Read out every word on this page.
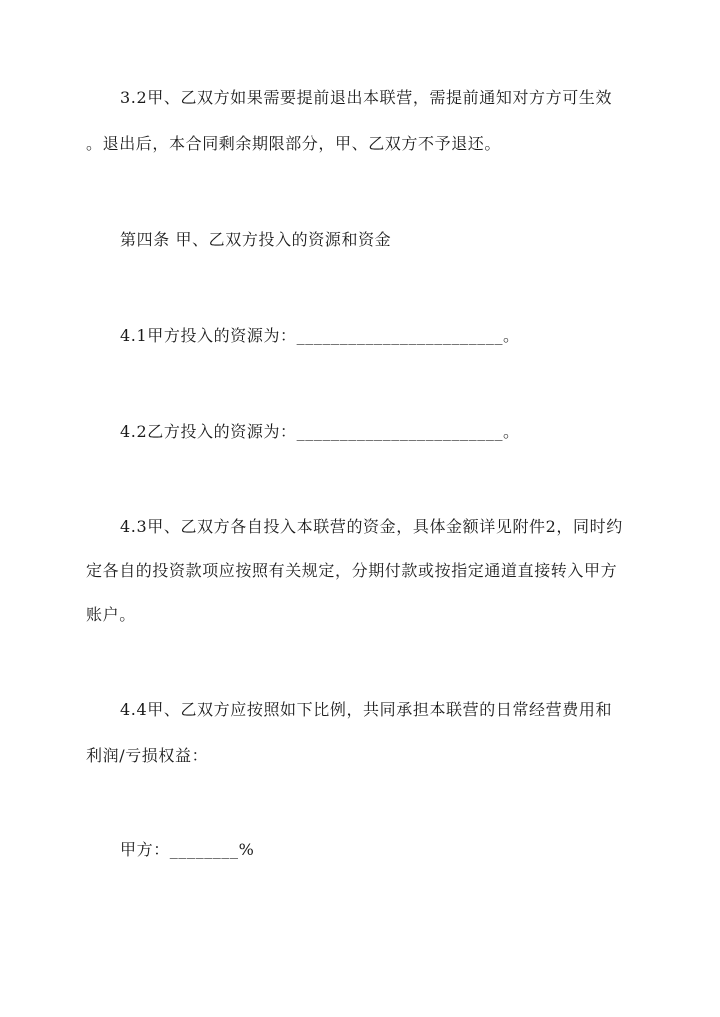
3.2甲、乙双方如果需要提前退出本联营，需提前通知对方方可生效
。退出后，本合同剩余期限部分，甲、乙双方不予退还。
第四条 甲、乙双方投入的资源和资金
4.1甲方投入的资源为：________________________。
4.2乙方投入的资源为：________________________。
4.3甲、乙双方各自投入本联营的资金，具体金额详见附件2，同时约
定各自的投资款项应按照有关规定，分期付款或按指定通道直接转入甲方
账户。
4.4甲、乙双方应按照如下比例，共同承担本联营的日常经营费用和
利润/亏损权益：
甲方：________%
